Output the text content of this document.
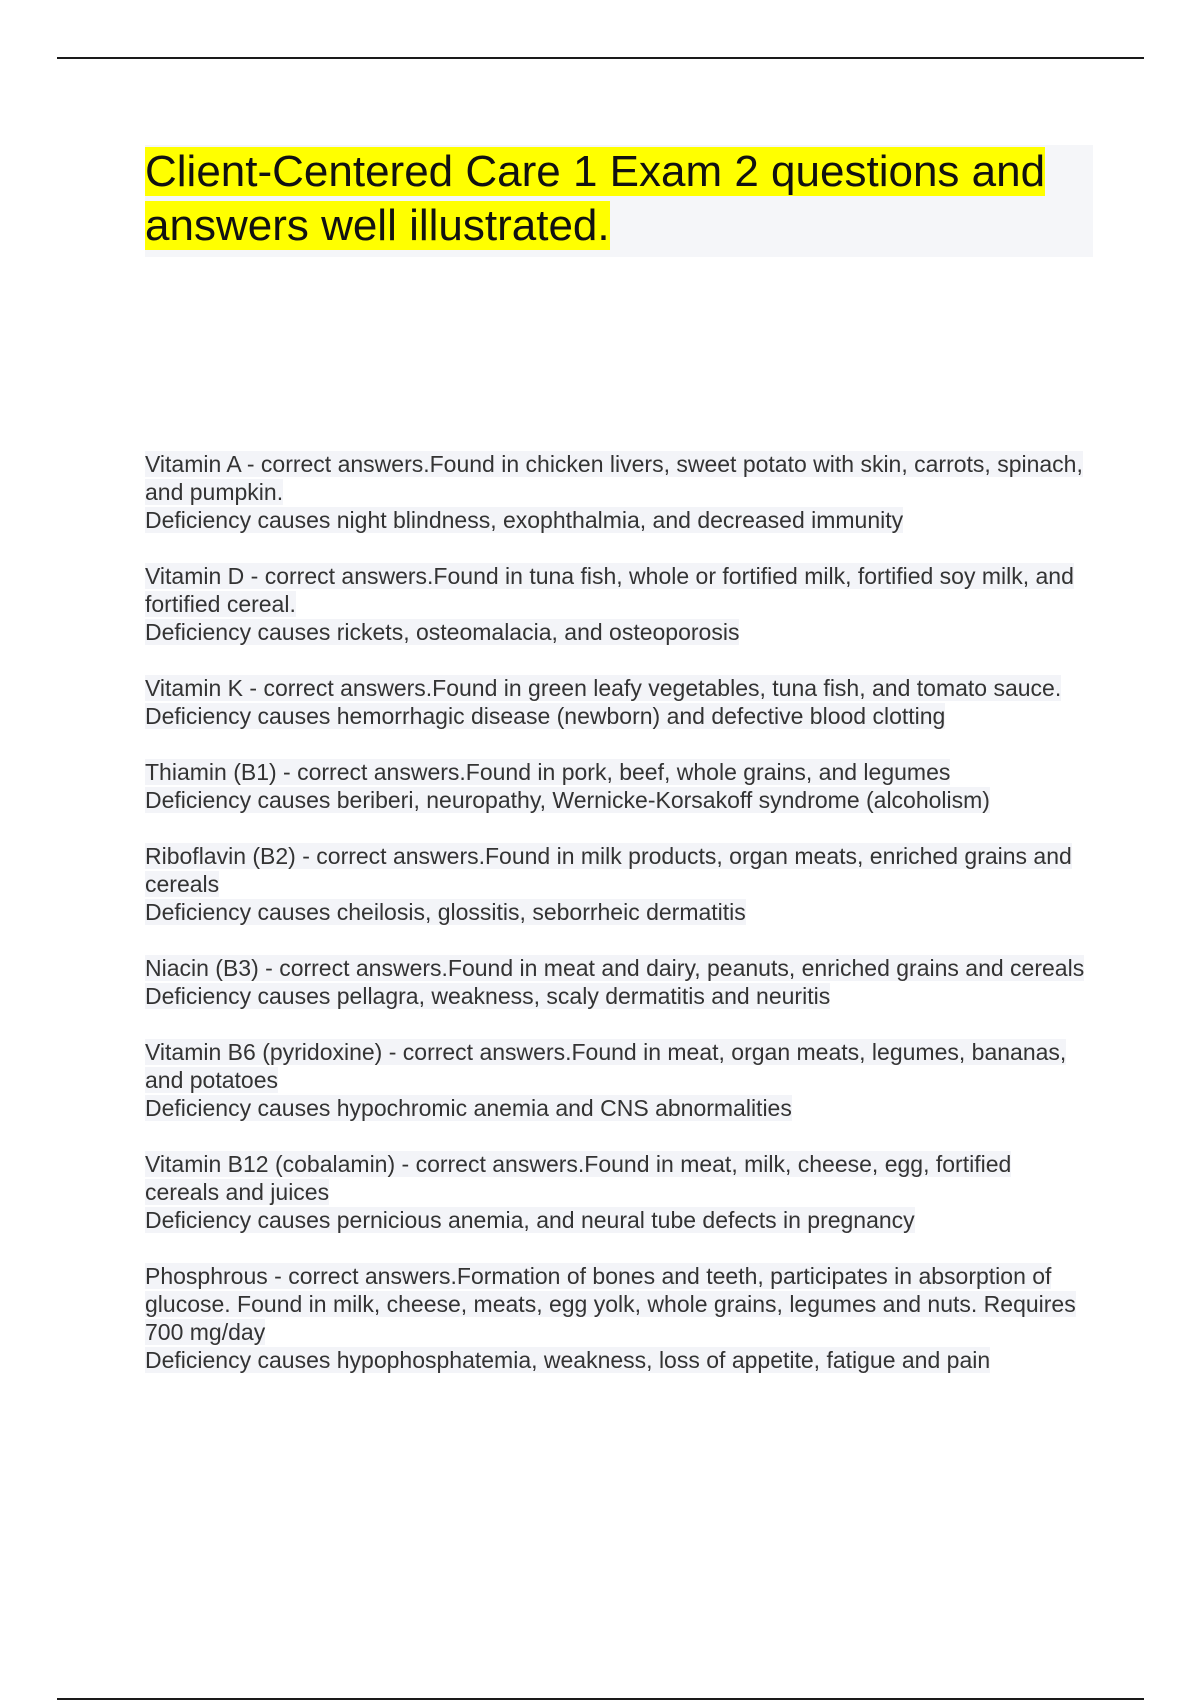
Client-Centered Care 1 Exam 2 questions and answers well illustrated.
Vitamin A - correct answers.Found in chicken livers, sweet potato with skin, carrots, spinach, and pumpkin.
Deficiency causes night blindness, exophthalmia, and decreased immunity
Vitamin D - correct answers.Found in tuna fish, whole or fortified milk, fortified soy milk, and fortified cereal.
Deficiency causes rickets, osteomalacia, and osteoporosis
Vitamin K - correct answers.Found in green leafy vegetables, tuna fish, and tomato sauce.
Deficiency causes hemorrhagic disease (newborn) and defective blood clotting
Thiamin (B1) - correct answers.Found in pork, beef, whole grains, and legumes
Deficiency causes beriberi, neuropathy, Wernicke-Korsakoff syndrome (alcoholism)
Riboflavin (B2) - correct answers.Found in milk products, organ meats, enriched grains and cereals
Deficiency causes cheilosis, glossitis, seborrheic dermatitis
Niacin (B3) - correct answers.Found in meat and dairy, peanuts, enriched grains and cereals
Deficiency causes pellagra, weakness, scaly dermatitis and neuritis
Vitamin B6 (pyridoxine) - correct answers.Found in meat, organ meats, legumes, bananas, and potatoes
Deficiency causes hypochromic anemia and CNS abnormalities
Vitamin B12 (cobalamin) - correct answers.Found in meat, milk, cheese, egg, fortified cereals and juices
Deficiency causes pernicious anemia, and neural tube defects in pregnancy
Phosphrous - correct answers.Formation of bones and teeth, participates in absorption of glucose. Found in milk, cheese, meats, egg yolk, whole grains, legumes and nuts. Requires 700 mg/day
Deficiency causes hypophosphatemia, weakness, loss of appetite, fatigue and pain
